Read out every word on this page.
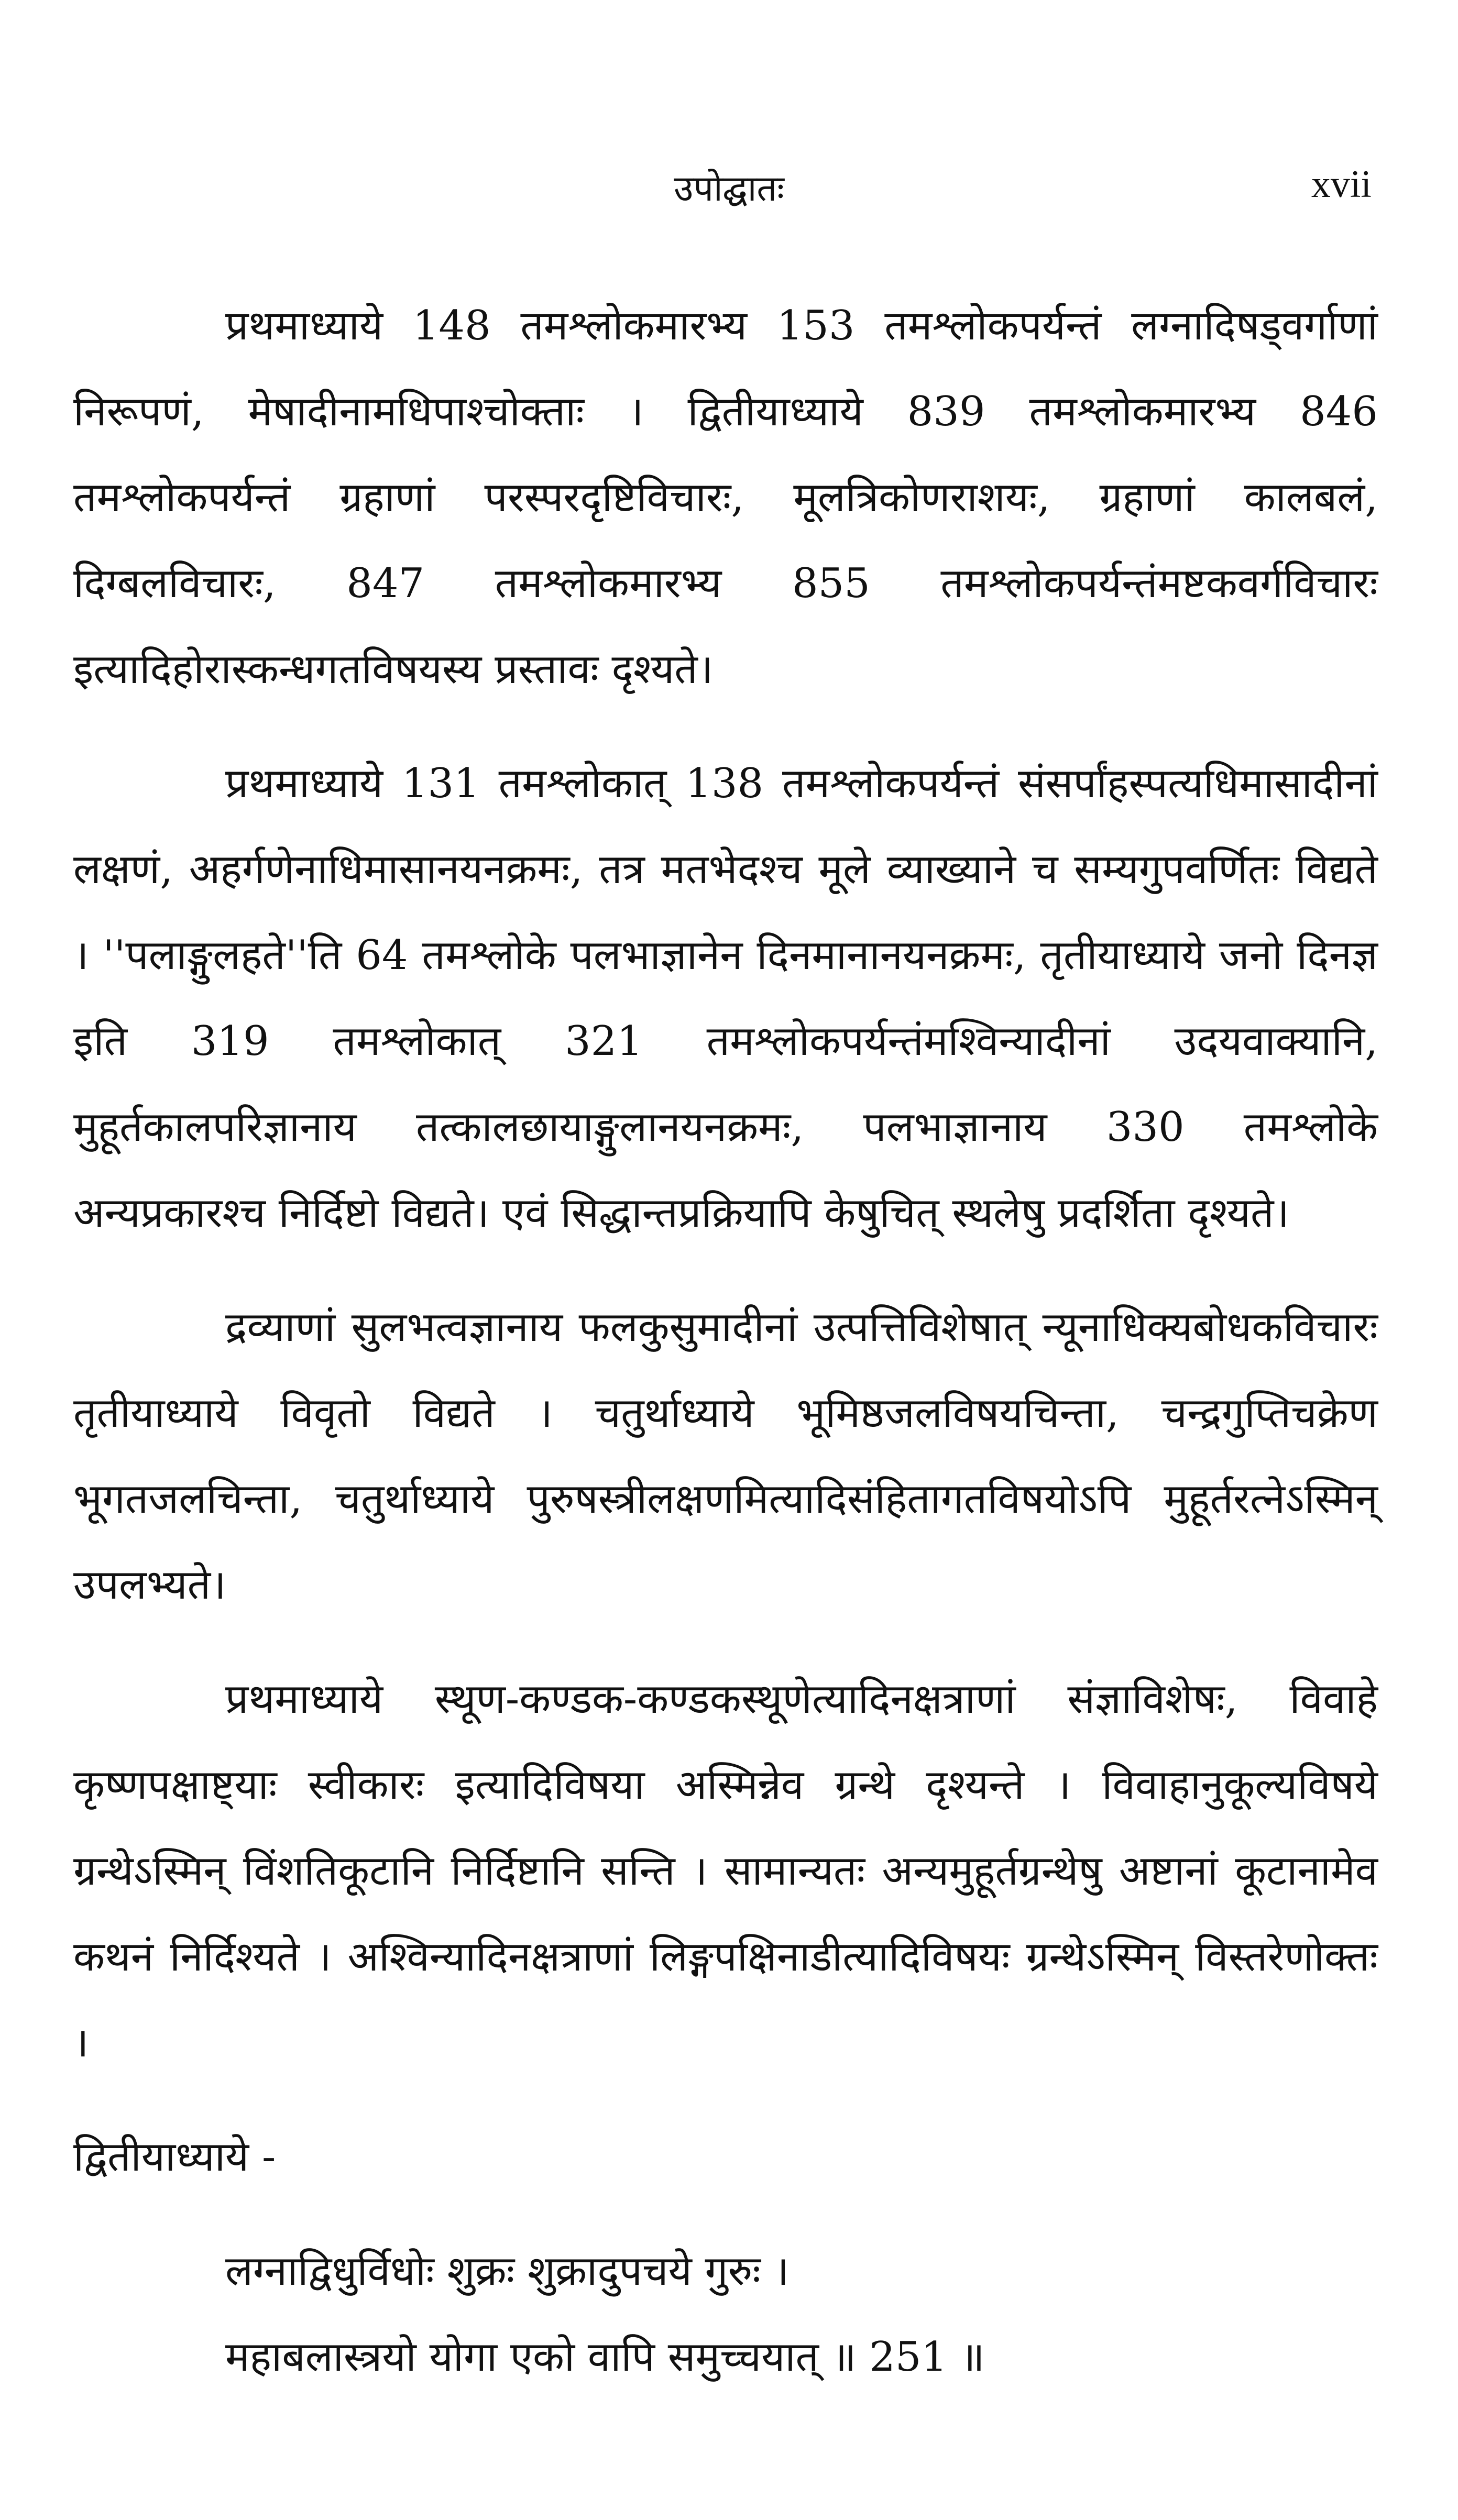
उपोद्घातः	xvii

प्रथमाध्याये 148 तमश्लोकमारभ्य 153 तमश्लोकपर्यन्तं लग्नादिषड्वर्गाणां निरूपणं, मेषादीनामधिपाश्चोक्ताः । द्वितीयाध्याये 839 तमश्लोकमारभ्य 846 तमश्लोकपर्यन्तं ग्रहाणां परस्परदृष्टिविचारः, मूलत्रिकोणराशयः, ग्रहाणां कालबलं, दिग्बलविचारः, 847 तमश्लोकमारभ्य 855 तमश्लोकपर्यन्तंमष्टकवर्गविचारः इत्यादिहोरास्कन्धगतविषयस्य प्रस्तावः दृश्यते।

प्रथमाध्याये 131 तमश्लोकात् 138 तमश्लोकपर्यन्तं संसर्पांहस्पत्यधिमासादीनां लक्षणं, अहर्गणेनाधिमासानयनक्रमः, तत्र मतभेदश्च मूले व्याख्याने च सम्यगुपवर्णितः विद्यते । ''पलाङ्गुलहते''ति 64 तमश्लोके पलभाज्ञानेन दिनमानानयनक्रमः, तृतीयाध्याये जनो दिनज्ञ इति 319 तमश्लोकात् 321 तमश्लोकपर्यन्तंमश्विन्यादीनां उदयवाक्यानि, मुहूर्तकालपरिज्ञानाय तत्कालछायाङ्गुलानयनक्रमः, पलभाज्ञानाय 330 तमश्लोके अन्यप्रकारश्च निर्दिष्टो विद्यते। एवं सिद्धान्तप्रक्रियापि केषुचित् स्थलेषु प्रदर्शिता दृश्यते।

द्रव्याणां सुलभत्वज्ञानाय फलकुसुमादीनां उत्पत्तिविशेषात् न्यूनाधिक्यबोधकविचारः तृतीयाध्याये विवृतो विद्यते । चतुर्थाध्याये भूमिष्ठजलविषयचिन्ता, चन्द्रगुप्तिचक्रेण भूगतजलचिन्ता, चतुर्थाध्याये पुरुषस्त्रीलक्षणमित्यादिसंहितागतविषयोऽपि मुहूर्तरत्नेऽस्मिन् उपलभ्यते।

प्रथमाध्याये स्थूण-कण्डक-कण्डकस्थूणेत्यादिनक्षत्राणां संज्ञाविशेषः, विवाहे कृष्णपक्षाष्ट्याः स्वीकारः इत्यादिविषया अस्मिन्नेव ग्रन्थे दृश्यन्ते । विवाहानुकूल्यविषये ग्रन्थेऽस्मिन् विंशतिकूटानि निर्दिष्टानि सन्ति । सामान्यतः अन्यमुहूर्तग्रन्थेषु अष्टानां कूटानामेव कथनं निर्दिश्यते । अश्विन्यादिनक्षत्राणां लिङ्गपक्षिनाडीत्यादिविषयः ग्रन्थेऽस्मिन् विस्तरेणोक्तः ।

द्वितीयाध्याये -

लग्नाद्विधुर्विधोः शुक्रः शुक्रादुपचये गुरुः ।
महाबलास्त्रयो योगा एको वापि समुच्चयात् ॥ 251 ॥
